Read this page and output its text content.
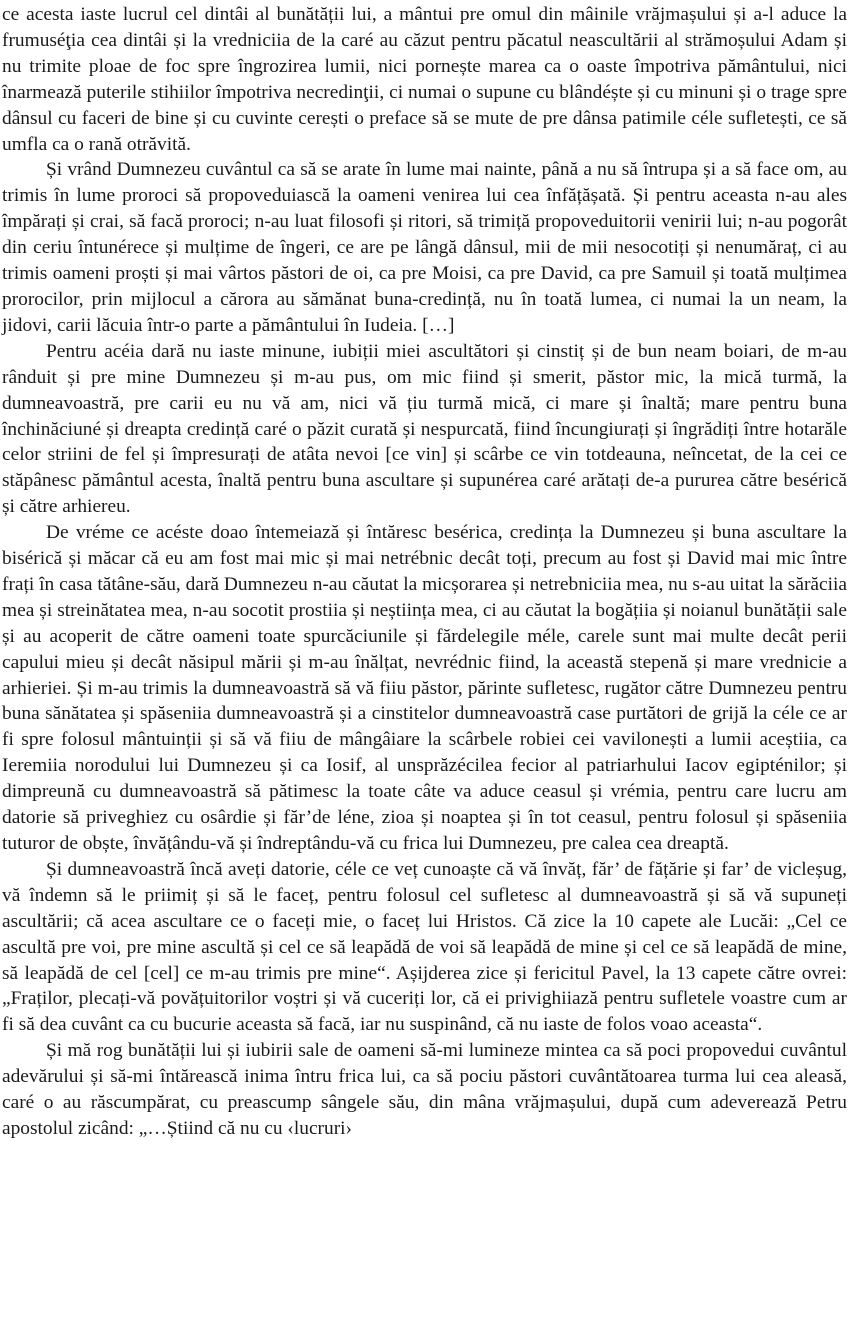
ce acesta iaste lucrul cel dintâi al bunătății lui, a mântui pre omul din mâinile vrăjmașului și a-l aduce la frumuséţia cea dintâi și la vredniciia de la caré au căzut pentru păcatul neascultării al strămoșului Adam și nu trimite ploae de foc spre îngrozirea lumii, nici pornește marea ca o oaste împotriva pământului, nici înarmează puterile stihiilor împotriva necredinţii, ci numai o supune cu blândéște și cu minuni și o trage spre dânsul cu faceri de bine și cu cuvinte cerești o preface să se mute de pre dânsa patimile céle sufletești, ce să umfla ca o rană otrăvită.

Și vrând Dumnezeu cuvântul ca să se arate în lume mai nainte, până a nu să întrupa și a să face om, au trimis în lume proroci să propoveduiască la oameni venirea lui cea înfățășată. Și pentru aceasta n-au ales împărați și crai, să facă proroci; n-au luat filosofi și ritori, să trimiță propoveduitorii venirii lui; n-au pogorât din ceriu întunérece și mulțime de îngeri, ce are pe lângă dânsul, mii de mii nesocotiți și nenumăraț, ci au trimis oameni proști și mai vârtos păstori de oi, ca pre Moisi, ca pre David, ca pre Samuil și toată mulțimea prorocilor, prin mijlocul a cărora au sămănat buna-credință, nu în toată lumea, ci numai la un neam, la jidovi, carii lăcuia într-o parte a pământului în Iudeia. […]

Pentru acéia dară nu iaste minune, iubiții miei ascultători și cinstiț și de bun neam boiari, de m-au rânduit și pre mine Dumnezeu și m-au pus, om mic fiind și smerit, păstor mic, la mică turmă, la dumneavoastră, pre carii eu nu vă am, nici vă țiu turmă mică, ci mare și înaltă; mare pentru buna închinăciuné și dreapta credință caré o păzit curată și nespurcată, fiind încungiurați și îngrădiți între hotarăle celor striini de fel și împresurați de atâta nevoi [ce vin] și scârbe ce vin totdeauna, neîncetat, de la cei ce stăpânesc pământul acesta, înaltă pentru buna ascultare și supunérea caré arătați de-a pururea către besérică și către arhiereu.

De vréme ce acéste doao întemeiază și întăresc besérica, credința la Dumnezeu și buna ascultare la bisérică și măcar că eu am fost mai mic și mai netrébnic decât toți, precum au fost și David mai mic între frați în casa tătâne-său, dară Dumnezeu n-au căutat la micșorarea și netrebniciia mea, nu s-au uitat la sărăciia mea și streinătatea mea, n-au socotit prostiia și neștiința mea, ci au căutat la bogățiia și noianul bunătății sale și au acoperit de către oameni toate spurcăciunile și fărdelegile méle, carele sunt mai multe decât perii capului mieu și decât năsipul mării și m-au înălțat, nevrédnic fiind, la această stepenă și mare vrednicie a arhieriei. Și m-au trimis la dumneavoastră să vă fiiu păstor, părinte sufletesc, rugător către Dumnezeu pentru buna sănătatea și spăseniia dumneavoastră și a cinstitelor dumneavoastră case purtători de grijă la céle ce ar fi spre folosul mântuinții și să vă fiiu de mângâiare la scârbele robiei cei vavilonești a lumii aceștiia, ca Ieremiia norodului lui Dumnezeu și ca Iosif, al unsprăzécilea fecior al patriarhului Iacov egipténilor; și dimpreună cu dumneavoastră să pătimesc la toate câte va aduce ceasul și vrémia, pentru care lucru am datorie să priveghiez cu osârdie și făr’de léne, zioa și noaptea și în tot ceasul, pentru folosul și spăseniia tuturor de obște, învățându-vă și îndreptându-vă cu frica lui Dumnezeu, pre calea cea dreaptă.

Și dumneavoastră încă aveți datorie, céle ce veț cunoaște că vă învăț, făr’ de fățărie și far’ de vicleșug, vă îndemn să le priimiț și să le faceț, pentru folosul cel sufletesc al dumneavoastră și să vă supuneți ascultării; că acea ascultare ce o faceți mie, o faceț lui Hristos. Că zice la 10 capete ale Lucăi: „Cel ce ascultă pre voi, pre mine ascultă și cel ce să leapădă de voi să leapădă de mine și cel ce să leapădă de mine, să leapădă de cel [cel] ce m-au trimis pre mine“. Așijderea zice și fericitul Pavel, la 13 capete către ovrei: „Fraților, plecați-vă povățuitorilor voștri și vă cuceriți lor, că ei privighiiază pentru sufletele voastre cum ar fi să dea cuvânt ca cu bucurie aceasta să facă, iar nu suspinând, că nu iaste de folos voao aceasta“.

Și mă rog bunătății lui și iubirii sale de oameni să-mi lumineze mintea ca să poci propovedui cuvântul adevărului și să-mi întărească inima întru frica lui, ca să pociu păstori cuvântătoarea turma lui cea aleasă, caré o au răscumpărat, cu preascump sângele său, din mâna vrăjmașului, după cum adeverează Petru apostolul zicând: „…Știind că nu cu ‹lucruri›
